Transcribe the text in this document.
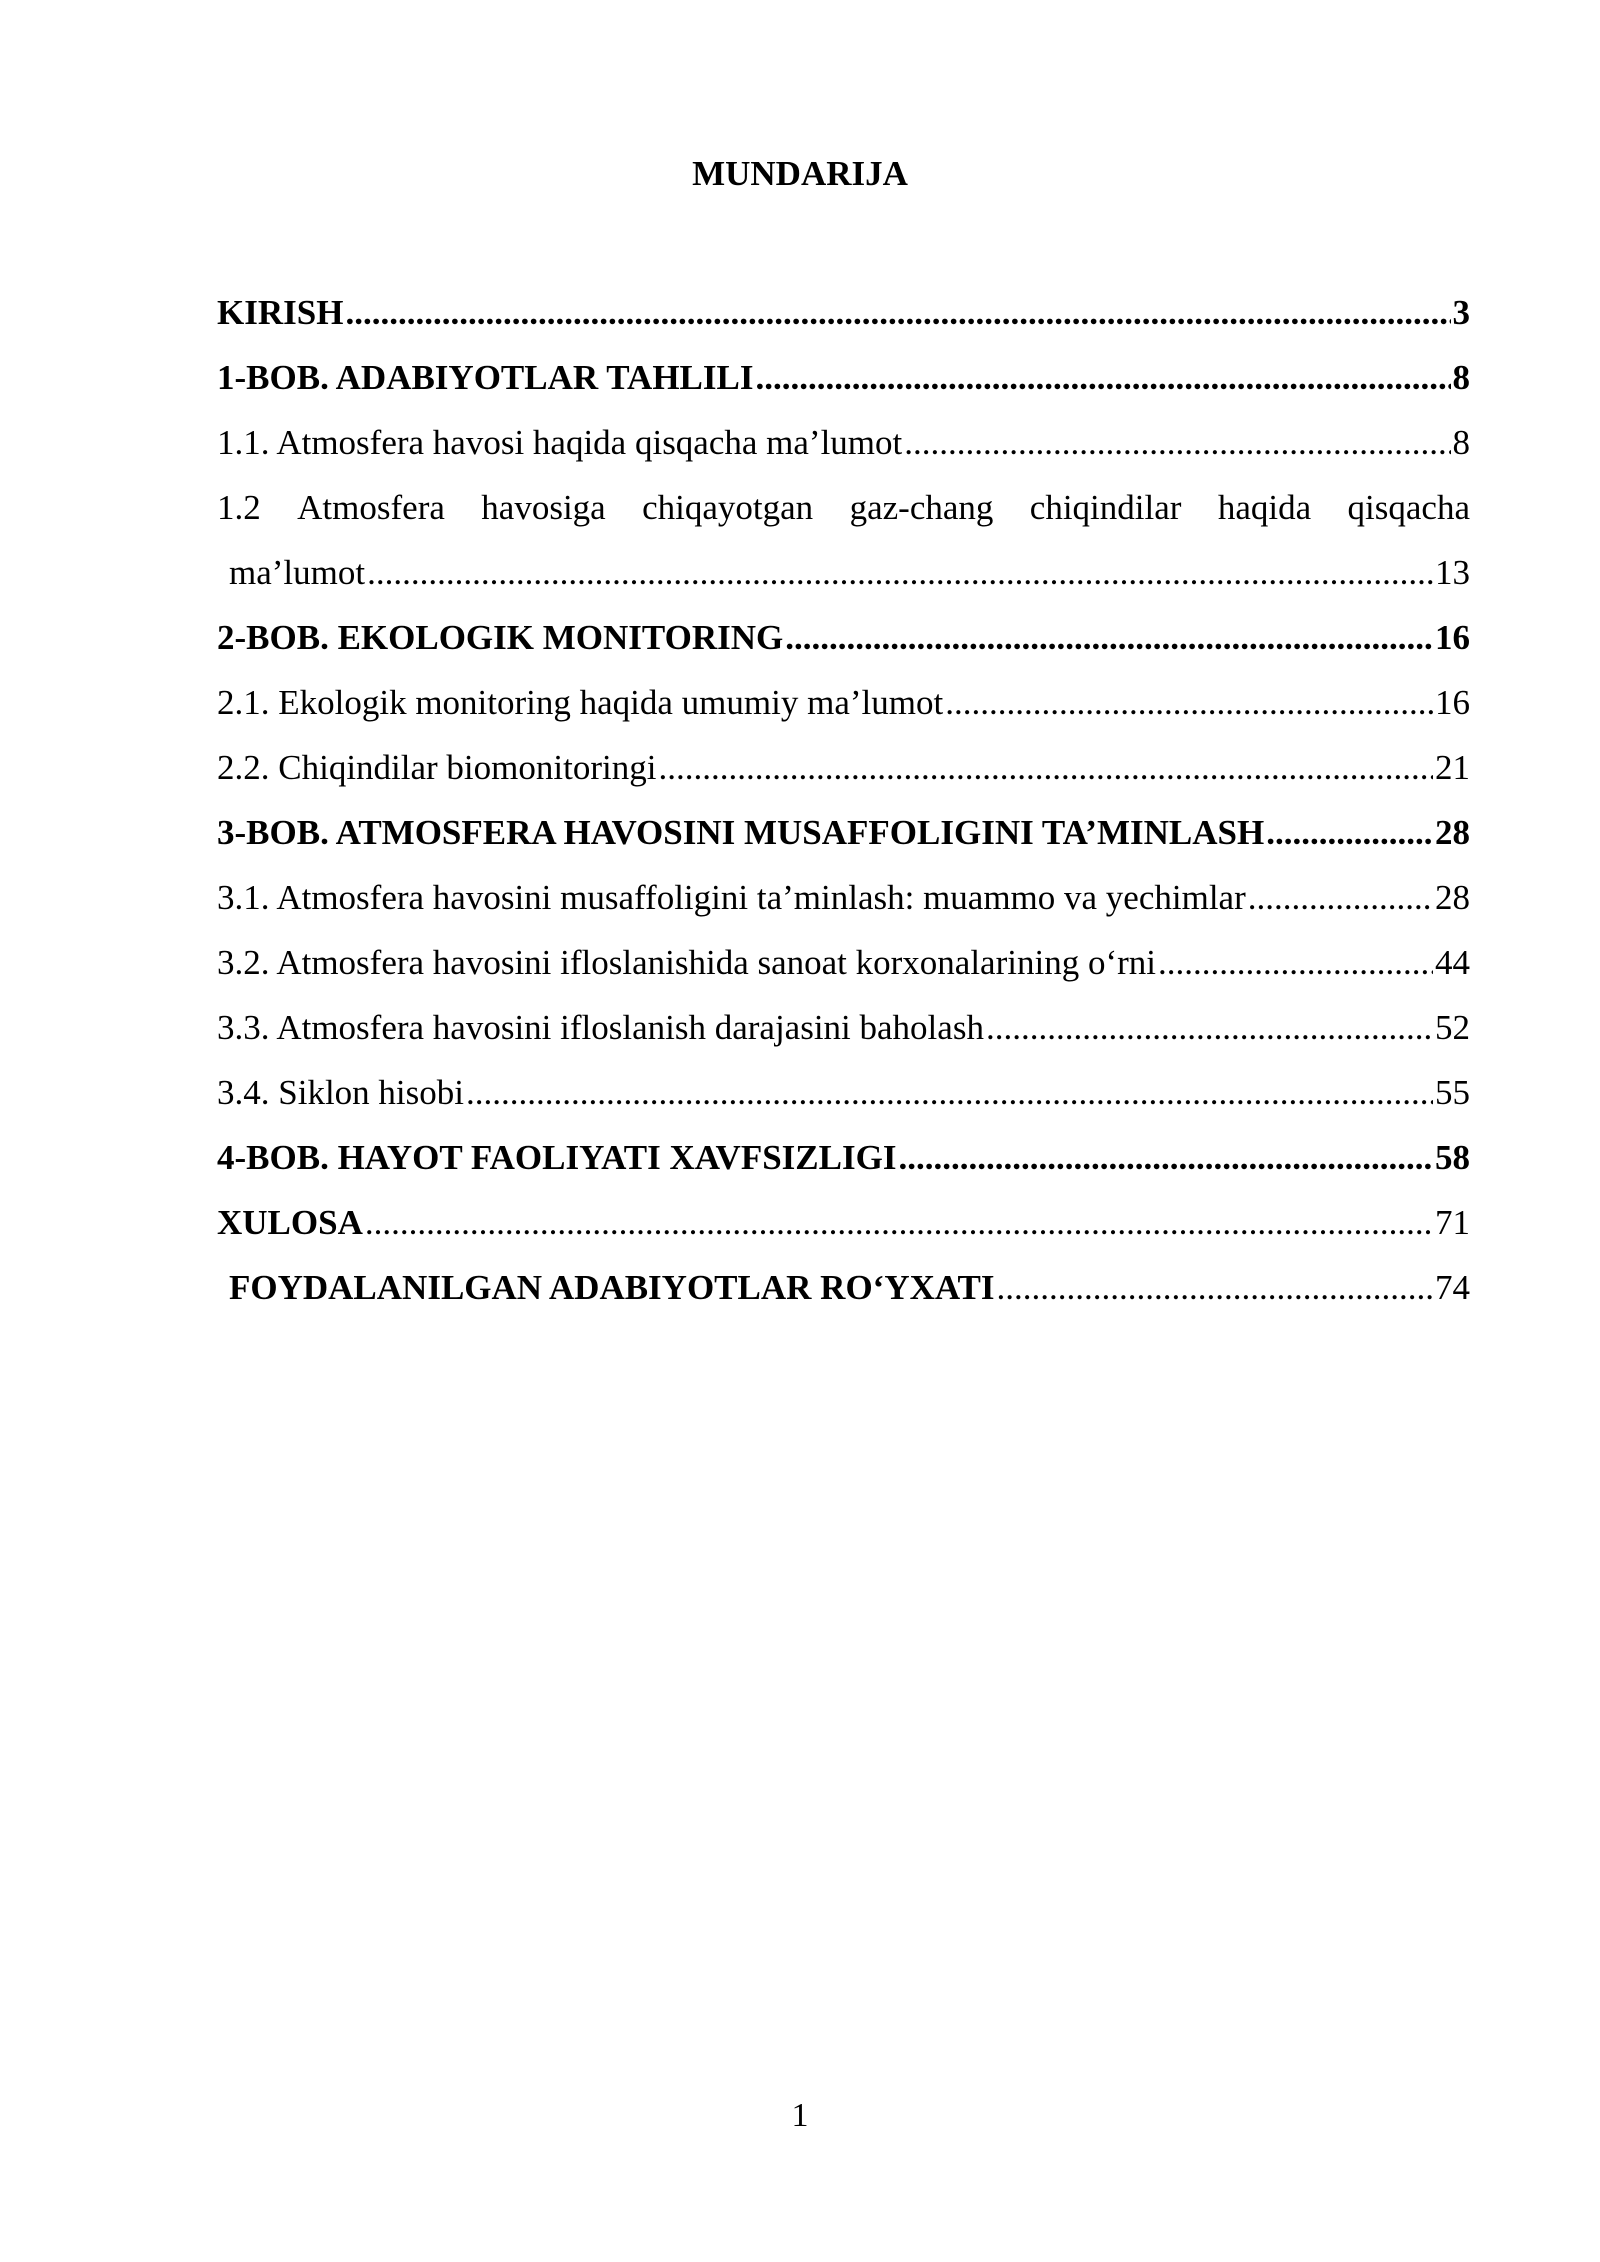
MUNDARIJA
KIRISH .....	3
1-BOB. ADABIYOTLAR TAHLILI .....	8
1.1. Atmosfera havosi haqida qisqacha ma’lumot .....	8
1.2 Atmosfera havosiga chiqayotgan gaz-chang chiqindilar haqida qisqacha
ma’lumot .....	13
2-BOB. EKOLOGIK MONITORING .....	16
2.1. Ekologik monitoring haqida umumiy ma’lumot .....	16
2.2. Chiqindilar biomonitoringi .....	21
3-BOB. ATMOSFERA HAVOSINI MUSAFFOLIGINI TA’MINLASH .....	28
3.1. Atmosfera havosini musaffoligini ta’minlash: muammo va yechimlar .....	28
3.2. Atmosfera havosini ifloslanishida sanoat korxonalarining o‘rni .....	44
3.3. Atmosfera havosini ifloslanish darajasini baholash .....	52
3.4. Siklon hisobi .....	55
4-BOB. HAYOT FAOLIYATI XAVFSIZLIGI .....	58
XULOSA .....	71
FOYDALANILGAN ADABIYOTLAR RO‘YXATI .....	74
1
